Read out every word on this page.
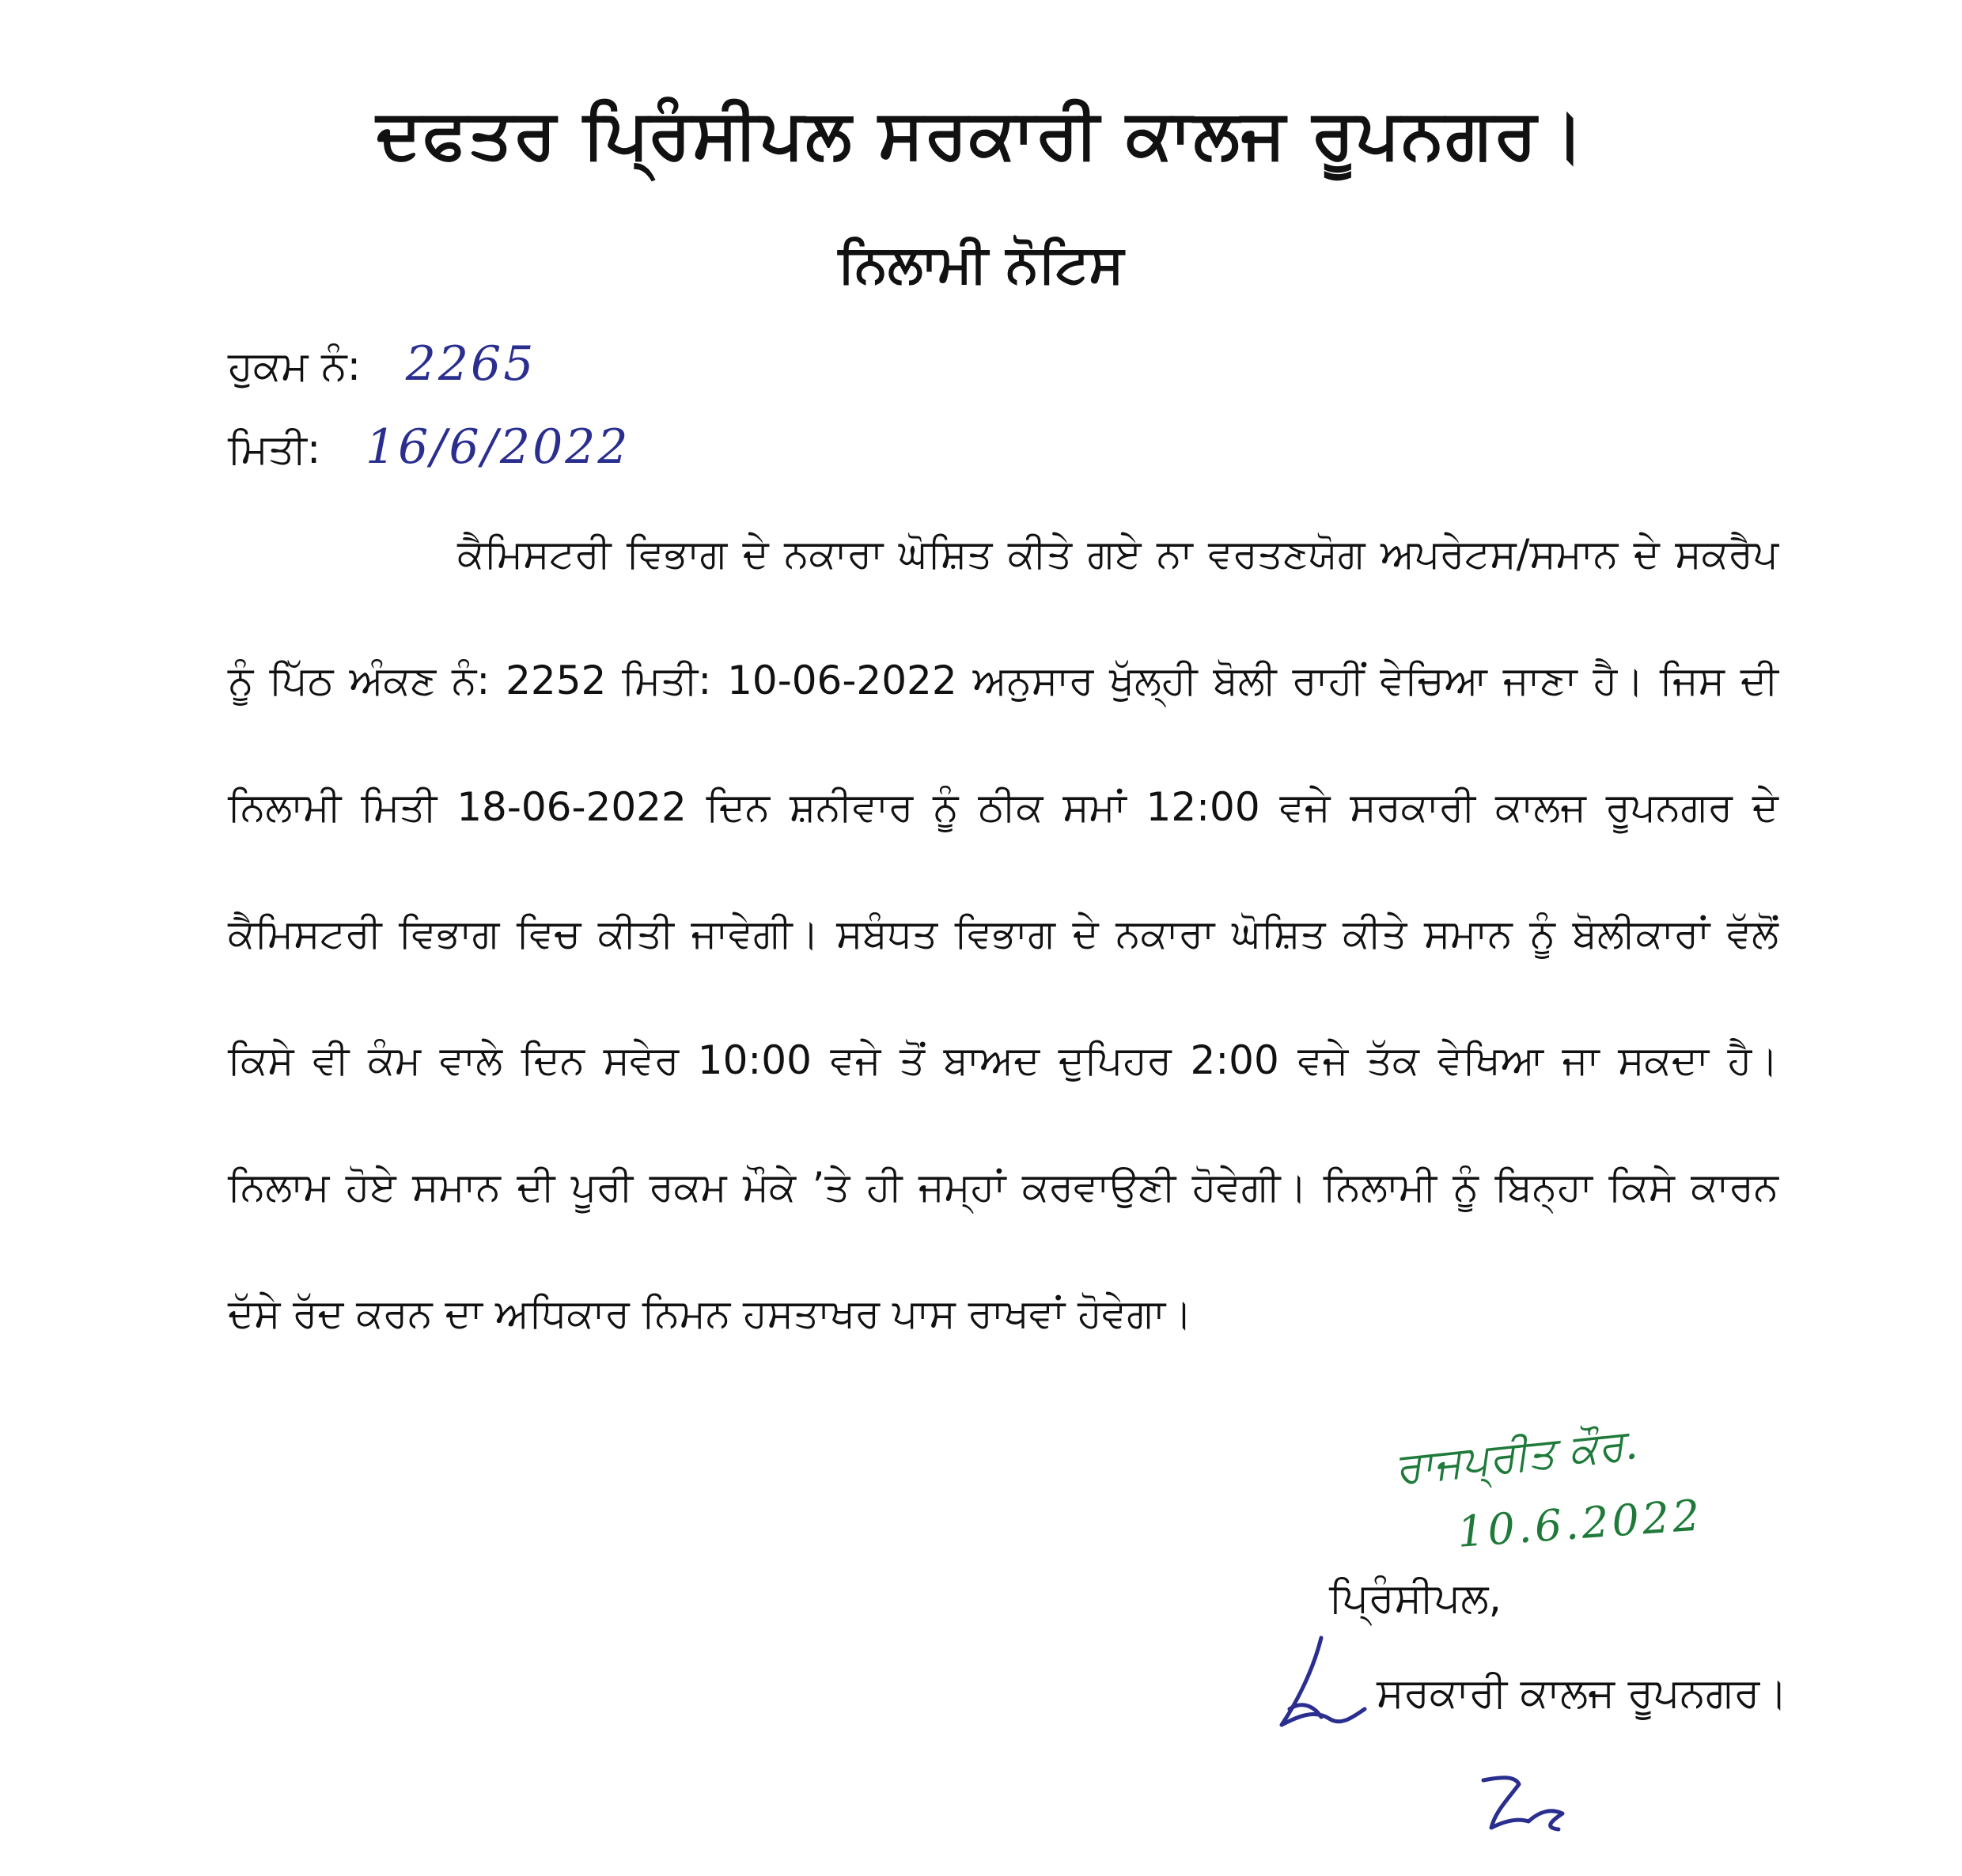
ਦਫਤਰ ਪ੍ਰਿੰਸੀਪਲ ਸਰਕਾਰੀ ਕਾਲਜ ਰੂਪਨਗਰ।
ਨਿਲਾਮੀ ਨੋਟਿਸ
ਹੁਕਮ ਨੰ: 2265
ਮਿਤੀ: 16/6/2022
ਕੈਮਿਸਟਰੀ ਵਿਭਾਗ ਦੇ ਨਕਾਰਾ ਘੋਸ਼ਿਤ ਕੀਤੇ ਗਏ ਨਾ ਵਰਤਣਯੋਗ ਅਪਰੇਟਸ/ਸਮਾਨ ਦੇ ਸਕਰੈਪ ਨੂੰ ਪਿੱਠ ਅੰਕਣ ਨੰ: 2252 ਮਿਤੀ: 10-06-2022 ਅਨੁਸਾਰ ਖੁੱਲ੍ਹੀ ਬੋਲੀ ਰਾਹੀਂ ਵੇਚਿਆ ਜਾਣਾ ਹੈ। ਜਿਸ ਦੀ ਨਿਲਾਮੀ ਮਿਤੀ 18-06-2022 ਦਿਨ ਸ਼ਨੀਵਾਰ ਨੂੰ ਠੀਕ ਸਮਾਂ 12:00 ਵਜੇ ਸਰਕਾਰੀ ਕਾਲਜ ਰੂਪਨਗਰ ਦੇ ਕੈਮਿਸਟਰੀ ਵਿਭਾਗ ਵਿਚ ਕੀਤੀ ਜਾਵੇਗੀ। ਸਬੰਧਤ ਵਿਭਾਗ ਦੇ ਨਕਾਰਾ ਘੋਸ਼ਿਤ ਕੀਤੇ ਸਮਾਨ ਨੂੰ ਬੋਲੀਕਾਰਾਂ ਵੱਲੋਂ ਕਿਸੇ ਵੀ ਕੰਮ ਵਾਲੇ ਦਿਨ ਸਵੇਰ 10:00 ਵਜੇ ਤੋਂ ਬਾਅਦ ਦੁਪਿਹਰ 2:00 ਵਜੇ ਤੱਕ ਵੇਖਿਆ ਜਾ ਸਕਦਾ ਹੈ। ਨਿਲਾਮ ਹੋਏ ਸਮਾਨ ਦੀ ਪੂਰੀ ਰਕਮ ਮੌਕੇ ’ਤੇ ਹੀ ਜਮ੍ਹਾਂ ਕਰਵਾਉਣੀ ਹੋਵੇਗੀ। ਨਿਲਾਮੀ ਨੂੰ ਬਿਨ੍ਹਾ ਕਿਸੇ ਕਾਰਨ ਦੱਸੇ ਰੱਦ ਕਰਨ ਦਾ ਅਧਿਕਾਰ ਨਿਮਨ ਹਸਤਾਖਰ ਪਾਸ ਰਾਖਵਾਂ ਹੋਵੇਗਾ।
ਰਾਜਪ੍ਰੀਤ ਕੌਰ.
10.6.2022
ਪ੍ਰਿੰਸੀਪਲ,
ਸਰਕਾਰੀ ਕਾਲਜ ਰੂਪਨਗਰ।
